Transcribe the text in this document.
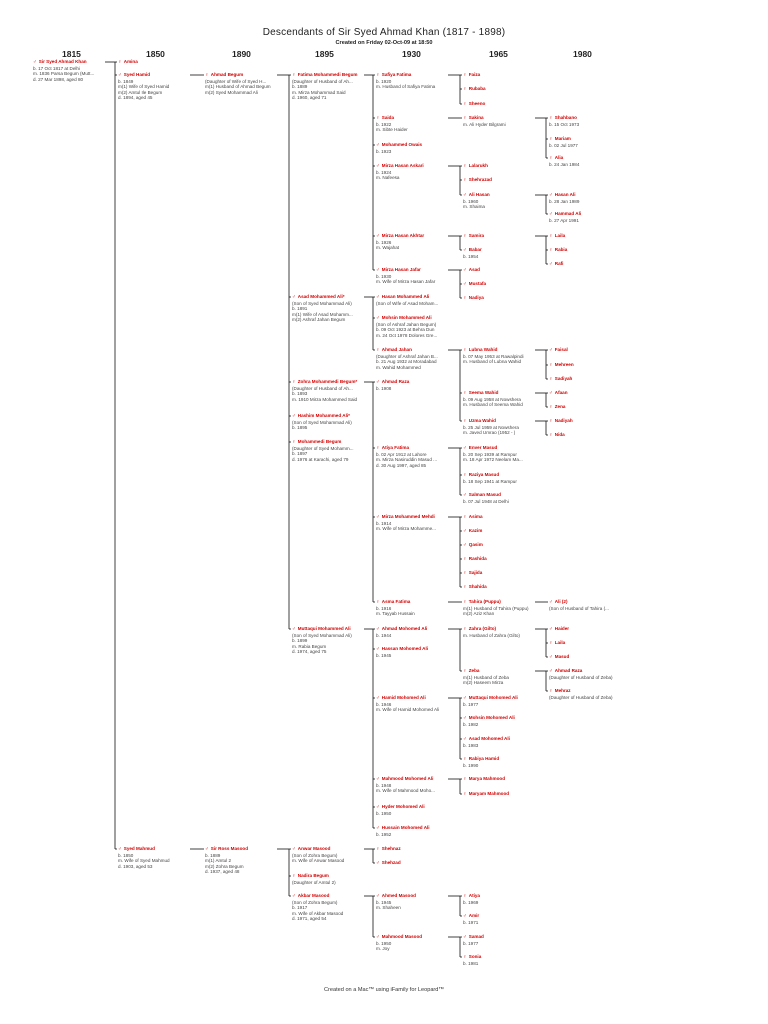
Descendants of Sir Syed Ahmad Khan (1817 - 1898)
Created on Friday 02-Oct-09 at 18:50
1815	1850	1890	1895	1930	1965	1980
♂ Sir Syed Ahmad Khan
b. 17 Oct 1817 at Delhi
m. 1836 Parsa Begum (Mutt...
d. 27 Mar 1898, aged 80
♀ Amina
♂ Syed Hamid
b. 1849
m(1) Wife of Syed Hamid
m(2) Amtul Ile Begum
d. 1894, aged 45
♀ Ahmad Begum
(Daughter of Wife of Syed H...
m(1) Husband of Ahmad Begum
m(2) Syed Mohammad Ali
♀ Fatima Mohammedi Begum
(Daughter of Husband of Ah...
b. 1889
m. Mirza Mohammad Said
d. 1960, aged 71
♀ Safiya Fatima
b. 1920
m. Husband of Safiya Fatima
♀ Faiza
♀ Rubaba
♀ Sheeno
♀ Saida
b. 1922
m. Sibte Haider
♀ Sakina
m. Ali Hyder Bilgrami
♀ Shahbano
b. 15 Oct 1973
♀ Mariam
b. 02 Jul 1977
♀ Alia
b. 24 Jan 1984
♂ Mohammed Owais
b. 1923
♂ Mirza Hasan Askari
b. 1924
m. Nafeesa
♀ Lalarukh
♀ Shehrazad
♂ Ali Hasan
b. 1960
m. Shaima
♂ Hasan Ali
b. 28 Jan 1989
♂ Hammad Ali
b. 27 Apr 1991
♂ Mirza Hasan Akhtar
b. 1926
m. Wajahat
♀ Samira	♀ Laila
♂ Babar
b. 1954
♀ Rabia
♂ Rafi
♂ Mirza Hasan Jafar
b. 1930
m. Wife of Mirza Hasan Jafar
♂ Asad
♂ Mustafa
♀ Nadiya
♂ Asad Mohammed Ali*
(Son of Syed Mohammad Ali)
b. 1891
m(1) Wife of Asad Mohamm...
m(2) Ashraf Jahan Begum
♂ Hasan Mohammed Ali
(Son of Wife of Asad Moham...
♂ Mohsin Mohammed Ali
(Son of Ashraf Jahan Begum)
b. 09 Oct 1923 at Behra Dun
m. 24 Oct 1978 Dolores Gre...
♀ Ahmad Jahan
(Daughter of Ashraf Jahan B...
b. 21 Aug 1932 at Moradabad
m. Wahid Mohammed
♀ Lubna Wahid
b. 07 May 1953 at Rawalpindi
m. Husband of Lubna Wahid
♂ Faisal
♀ Mehreen
♀ Sadiyah
♀ Zohra Mohammedi Begum*
(Daughter of Husband of Ah...
b. 1893
m. 1910 Mirza Mohammed Said
♂ Ahmad Raza
b. 1908
♀ Seema Wahid
b. 09 Aug 1958 at Nowshera
m. Husband of Seema Wahid
♂ Afaan
♀ Zena
♂ Hashim Mohammed Ali*
(Son of Syed Mohammad Ali)
b. 1895
♀ Uzma Wahid
b. 25 Jul 1959 at Nowshera
m. Javed Umrao (1952 - )
♀ Nadiyah
♀ Nida
♀ Mohammedi Begum
(Daughter of Syed Mohamm...
b. 1897
d. 1976 at Karachi, aged 79
♀ Atiya Fatima
b. 02 Apr 1912 at Lahore
m. Mirza Nasiruddin Masud ...
d. 30 Aug 1997, aged 85
♂ Enver Masud
b. 20 Sep 1939 at Rampur
m. 18 Apr 1972 Neelam Ma...
♀ Raziya Masud
b. 18 Sep 1941 at Rampur
♂ Salman Masud
b. 07 Jul 1948 at Delhi
♂ Mirza Mohammed Mehdi
b. 1914
m. Wife of Mirza Mohamme...
♀ Asima
♂ Kazim
♂ Qasim
♀ Rashida
♀ Sajida
♀ Shahida
♀ Asma Fatima
b. 1916
m. Tayyab Hussain
♀ Tahira (Puppu)
m(1) Husband of Tahira (Puppu)
m(2) Aziz Khan
♂ Ali (2)
(Son of Husband of Tahira (...
♂ Muttaqui Mohammed Ali
(Son of Syed Mohammad Ali)
b. 1899
m. Rabia Begum
d. 1974, aged 75
♂ Ahmad Mohomed Ali
b. 1944
♀ Zahra (Gilto)
m. Husband of Zahra (Gilto)
♂ Haider
♂ Hassan Mohomed Ali
b. 1945
♀ Laila
♂ Masud
♀ Zeba
m(1) Husband of Zeba
m(2) Haseem Mirza
♂ Ahmad Raza
(Daughter of Husband of Zeba)
♀ Mehraz
(Daughter of Husband of Zeba)
♂ Hamid Mohomed Ali
b. 1946
m. Wife of Hamid Mohomed Ali
♂ Muttaqui Mohomed Ali
b. 1977
♂ Mohsin Mohomed Ali
b. 1982
♂ Asad Mohomed Ali
b. 1983
♀ Rabiya Hamid
b. 1990
♂ Mahmood Mohomed Ali
b. 1948
m. Wife of Mahmood Moho...
♀ Marya Mahmood
♀ Maryam Mahmood
♂ Hyder Mohomed Ali
b. 1950
♂ Hussain Mohomed Ali
b. 1952
♂ Syed Mahmud
b. 1850
m. Wife of Syed Mahmud
d. 1903, aged 53
♂ Sir Ross Masood
b. 1889
m(1) Amtul 2
m(2) Zohra Begum
d. 1937, aged 48
♂ Anwar Masood
(Son of Zohra Begum)
m. Wife of Anwar Masood
♀ Shehnaz
♂ Shehzad
♀ Nadira Begum
(Daughter of Amtul 2)
♂ Akbar Masood
(Son of Zohra Begum)
b. 1917
m. Wife of Akbar Masood
d. 1971, aged 54
♂ Ahmed Masood
b. 1945
m. Shaheen
♀ Atiya
b. 1969
♂ Amir
b. 1971
♂ Mahmood Masood
b. 1950
m. Joy
♂ Samad
b. 1977
♀ Sonia
b. 1981
Created on a Mac™ using iFamily for Leopard™
